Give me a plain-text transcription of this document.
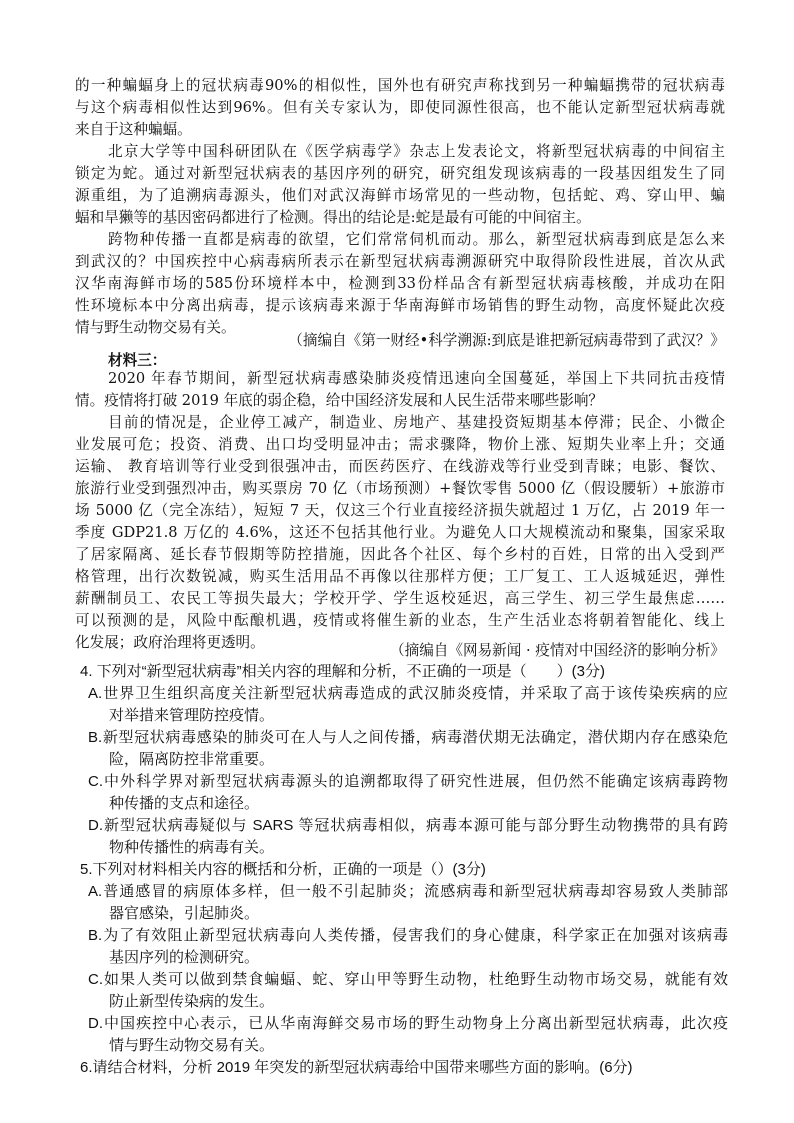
的一种蝙蝠身上的冠状病毒90%的相似性，国外也有研究声称找到另一种蝙蝠携带的冠状病毒
与这个病毒相似性达到96%。但有关专家认为，即使同源性很高，也不能认定新型冠状病毒就
来自于这种蝙蝠。
北京大学等中国科研团队在《医学病毒学》杂志上发表论文，将新型冠状病毒的中间宿主
锁定为蛇。通过对新型冠状病表的基因序列的研究，研究组发现该病毒的一段基因组发生了同
源重组，为了追溯病毒源头，他们对武汉海鲜市场常见的一些动物，包括蛇、鸡、穿山甲、蝙
蝠和旱獭等的基因密码都进行了检测。得出的结论是:蛇是最有可能的中间宿主。
跨物种传播一直都是病毒的欲望，它们常常伺机而动。那么，新型冠状病毒到底是怎么来
到武汉的？中国疾控中心病毒病所表示在新型冠状病毒溯源研究中取得阶段性进展，首次从武
汉华南海鲜市场的585份环境样本中，检测到33份样品含有新型冠状病毒核酸，并成功在阳
性环境标本中分离出病毒，提示该病毒来源于华南海鲜市场销售的野生动物，高度怀疑此次疫
情与野生动物交易有关。
（摘编自《第一财经•科学溯源:到底是谁把新冠病毒带到了武汉？》
材料三：
2020 年春节期间，新型冠状病毒感染肺炎疫情迅速向全国蔓延，举国上下共同抗击疫情
情。疫情将打破 2019 年底的弱企稳，给中国经济发展和人民生活带来哪些影响？
目前的情况是，企业停工减产，制造业、房地产、基建投资短期基本停滞；民企、小微企
业发展可危；投资、消费、出口均受明显冲击；需求骤降，物价上涨、短期失业率上升；交通
运输、 教育培训等行业受到很强冲击，而医药医疗、在线游戏等行业受到青睐；电影、餐饮、
旅游行业受到强烈冲击，购买票房 70 亿（市场预测）+餐饮零售 5000 亿（假设腰斩）+旅游市
场 5000 亿（完全冻结），短短 7 天，仅这三个行业直接经济损失就超过 1 万亿，占 2019 年一
季度 GDP21.8 万亿的 4.6%，这还不包括其他行业。为避免人口大规模流动和聚集，国家采取
了居家隔离、延长春节假期等防控措施，因此各个社区、每个乡村的百姓，日常的出入受到严
格管理，出行次数锐减，购买生活用品不再像以往那样方便；工厂复工、工人返城延迟，弹性
薪酬制员工、农民工等损失最大；学校开学、学生返校延迟，高三学生、初三学生最焦虑……
可以预测的是，风险中酝酿机遇，疫情或将催生新的业态，生产生活业态将朝着智能化、线上
化发展；政府治理将更透明。	（摘编自《网易新闻 · 疫情对中国经济的影响分析》
4. 下列对“新型冠状病毒”相关内容的理解和分析，不正确的一项是（　　）(3分)
A.世界卫生组织高度关注新型冠状病毒造成的武汉肺炎疫情，并采取了高于该传染疾病的应
对举措来管理防控疫情。
B.新型冠状病毒感染的肺炎可在人与人之间传播，病毒潜伏期无法确定，潜伏期内存在感染危
险，隔离防控非常重要。
C.中外科学界对新型冠状病毒源头的追溯都取得了研究性进展，但仍然不能确定该病毒跨物
种传播的支点和途径。
D.新型冠状病毒疑似与 SARS 等冠状病毒相似，病毒本源可能与部分野生动物携带的具有跨
物种传播性的病毒有关。
5.下列对材料相关内容的概括和分析，正确的一项是（）(3分)
A.普通感冒的病原体多样，但一般不引起肺炎；流感病毒和新型冠状病毒却容易致人类肺部
器官感染，引起肺炎。
B.为了有效阻止新型冠状病毒向人类传播，侵害我们的身心健康，科学家正在加强对该病毒
基因序列的检测研究。
C.如果人类可以做到禁食蝙蝠、蛇、穿山甲等野生动物，杜绝野生动物市场交易，就能有效
防止新型传染病的发生。
D.中国疾控中心表示，已从华南海鲜交易市场的野生动物身上分离出新型冠状病毒，此次疫
情与野生动物交易有关。
6.请结合材料，分析 2019 年突发的新型冠状病毒给中国带来哪些方面的影响。(6分)
